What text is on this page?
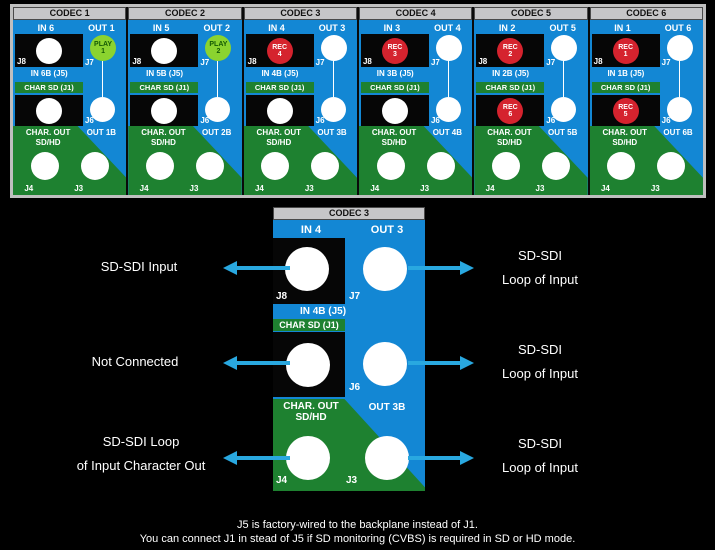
CODEC 1
IN 6	OUT 1
J8	J7
PLAY
1
IN 6B (J5)
CHAR SD (J1)
J6
CHAR. OUT
SD/HD
OUT 1B
J4	J3
CODEC 2
IN 5	OUT 2
J8	J7
PLAY
2
IN 5B (J5)
CHAR SD (J1)
J6
CHAR. OUT
SD/HD
OUT 2B
J4	J3
CODEC 3
IN 4	OUT 3
REC
4
J8	J7
IN 4B (J5)
CHAR SD (J1)
J6
CHAR. OUT
SD/HD
OUT 3B
J4	J3
CODEC 4
IN 3	OUT 4
REC
3
J8	J7
IN 3B (J5)
CHAR SD (J1)
J6
CHAR. OUT
SD/HD
OUT 4B
J4	J3
CODEC 5
IN 2	OUT 5
REC
2
J8	J7
IN 2B (J5)
CHAR SD (J1)
REC
6
J6
CHAR. OUT
SD/HD
OUT 5B
J4	J3
CODEC 6
IN 1	OUT 6
REC
1
J8	J7
IN 1B (J5)
CHAR SD (J1)
REC
5
J6
CHAR. OUT
SD/HD
OUT 6B
J4	J3
CODEC 3
IN 4	OUT 3
J8	J7
IN 4B (J5)
CHAR SD (J1)
J6
CHAR. OUT
SD/HD
OUT 3B
J4	J3
SD-SDI Input
Not Connected
SD-SDI Loop
of Input Character Out
SD-SDI
Loop of Input
SD-SDI
Loop of Input
SD-SDI
Loop of Input
J5 is factory-wired to the backplane instead of J1.
You can connect J1 in stead of J5 if SD monitoring (CVBS) is required in SD or HD mode.
